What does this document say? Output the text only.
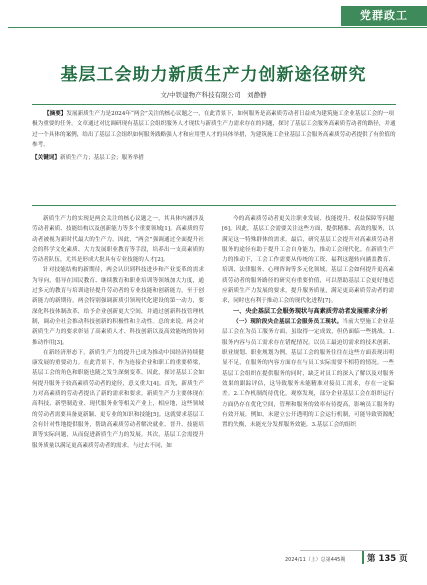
党群政工
基层工会助力新质生产力创新途径研究
文/中铁建物产科技有限公司　刘静静

【摘要】发展新质生产力是2024年“两会”关注的核心议题之一，在此背景下，如何服务是高素质劳动者日益成为建筑施工企业基层工会的一项极为重要的任务。文章通过对比调研现有基层工会组织服务人才现状与新质生产力需求存在的问题，探讨了基层工会服务高素质劳动者的路径，并通过一个具体的案例，给出了基层工会组织如何服务践略强人才和应用型人才的具体举措，为建筑施工企业基层工会服务高素质劳动者提供了有价值的参考。

【关键词】新质生产力；基层工会；服务举措

新质生产力的实现是两会关注的核心议题之一，其具体内涵涉及劳动者素质、技能结构以及创新能力等多个重要领域[1]。高素质的劳动者被视为新时代最大的生产力。因此，“两会”强调通过全面提升社会的科学文化素质、大力发展职业教育等手段，培养出一支高素质的劳动者队伍，尤其是形成大批具有专业技能的人才[2]。

针对技能结构的新期待，两会认识到科技进步和产业变革的需求为导向，倡导在国民教育、继续教育和职业培训等领域加大力度，通过多元的教育与培训途径提升劳动者的专业技能和创新能力，至于创新能力的新期待，两会特别强调新质引领现代化建设的第一动力，要深化科技体制改革，给予企业创新更大空间，并通过创新科技管理机制，调动全社会推动科技创新的积极性和主动性。总的来说，两会对新质生产力的要求彰显了高素质人才、科技创新以及高效能统的协同推动作用[3]。

在新经济形态下，新质生产力的提升已成为推动中国经济持续健康发展的重要动力。在此背景下，作为连接企业和职工的重要桥梁，基层工会的角色和职能也随之发生深刻变革。因此，探讨基层工会如何提升服务于较高素质劳动者的途径，意义重大[4]。首先，新质生产力对高素质的劳动者提出了新的需求和要求。新质生产力主要体现在高科技、新型制造业、现代服务业等相关产业上，相应地，这些领域的劳动者需要具备更新颖、更专业的知识和技能[5]。这就要求基层工会有针对性地提供服务，帮助高素质劳动者解决就业、晋升、技能培训等实际问题，从而促进新质生产力的发展。其次，基层工会需提升服务质量以满足更高素质劳动者的需求。与过去不同，如

今的高素质劳动者更关注职业发展、技能提升、权益保障等问题[6]。因此，基层工会需要关注这些方面，提供精准、高效的服务，以满足这一特殊群体的需求。最后，研究基层工会提升对高素质劳动者服务的途径有助于提升工会自身能力，推动工会现代化。在新质生产力的推动下，工会工作需要从传统的工资、福利这题转向涵盖教育、培训、法律服务、心理咨询等多元化领域。基层工会如何提升更高素质劳动者的服务路径的研究有重要价值，可以帮助基层工会更好地适应新质生产力发展的要求，提升服务质量，满足更高素质劳动者的需求，同时也有利于推动工会的现代化进程[7]。

一、央企基层工会服务现状与高素质劳动者发展需求分析

（一）现阶段央企基层工会服务员工现状。当前大型施工企业基层工会在为员工服务方面，虽取得一定成效，但仍面临一些挑战。1.服务内容与员工需求存在错配情况。以员工最迫切需求的技术创新、职业规划、职业规划为例，基层工会的服务往往在这些方面表现出明显不足，在服务的内容方面存在与员工实际需要不相符的情况。一些基层工会组织在提供服务的同时，缺乏对员工的深入了解以及对服务效果的跟踪评估，这导致服务未能精准对接员工需求，存在一定偏差。2.工作机制尚待优化。观察发现，部分企业基层工会在组织运行方面仍存在优化空间，管理和服务的效率有待提高，影响员工服务的有效开展。例如，未建立公开透明的工会运行机制，可能导致资源配置的失衡，未能充分发挥服务效能。3.基层工会的组织

2024/11（上）总第445期	第 135 页
